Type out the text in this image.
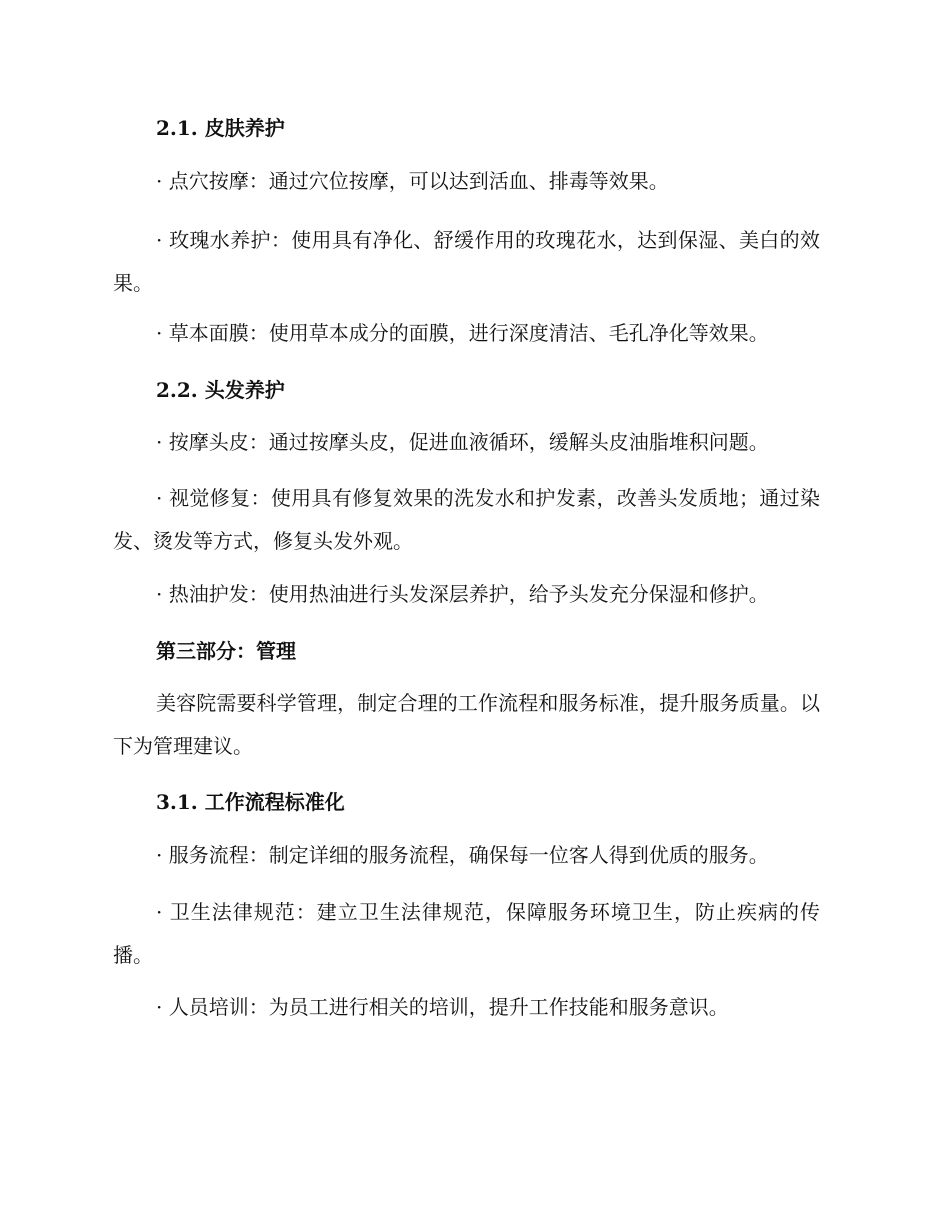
2.1. 皮肤养护

· 点穴按摩：通过穴位按摩，可以达到活血、排毒等效果。

· 玫瑰水养护：使用具有净化、舒缓作用的玫瑰花水，达到保湿、美白的效果。

· 草本面膜：使用草本成分的面膜，进行深度清洁、毛孔净化等效果。

2.2. 头发养护

· 按摩头皮：通过按摩头皮，促进血液循环，缓解头皮油脂堆积问题。

· 视觉修复：使用具有修复效果的洗发水和护发素，改善头发质地；通过染发、烫发等方式，修复头发外观。

· 热油护发：使用热油进行头发深层养护，给予头发充分保湿和修护。

第三部分：管理

美容院需要科学管理，制定合理的工作流程和服务标准，提升服务质量。以下为管理建议。

3.1. 工作流程标准化

· 服务流程：制定详细的服务流程，确保每一位客人得到优质的服务。

· 卫生法律规范：建立卫生法律规范，保障服务环境卫生，防止疾病的传播。

· 人员培训：为员工进行相关的培训，提升工作技能和服务意识。
